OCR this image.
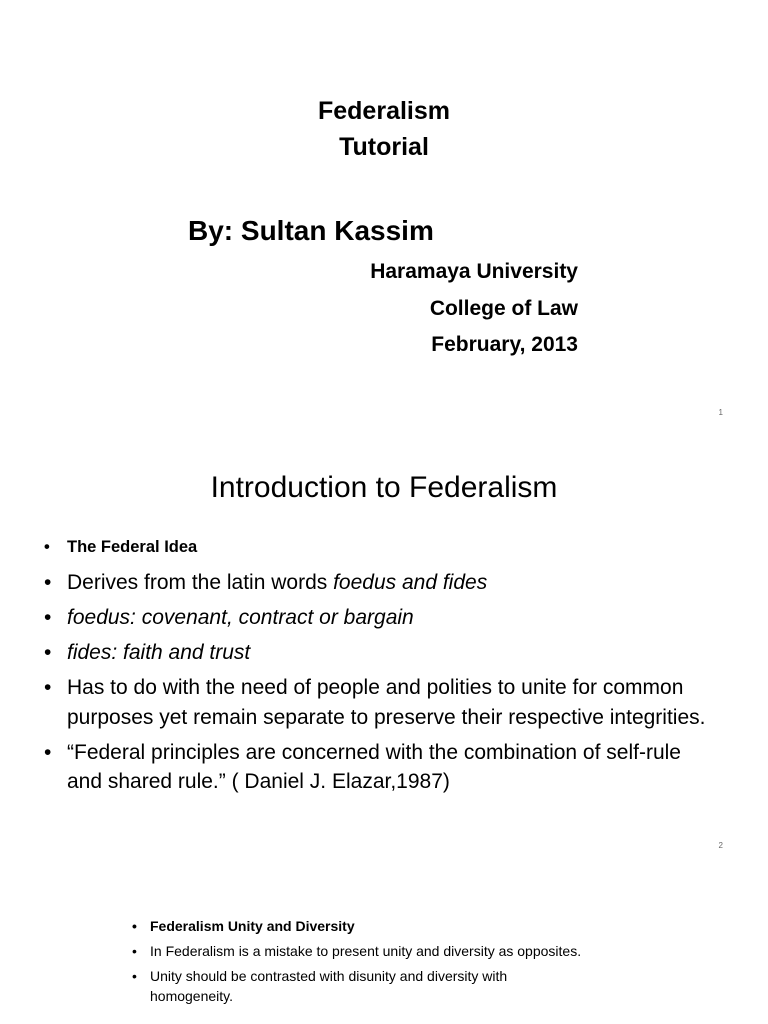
Federalism
Tutorial
By: Sultan Kassim
Haramaya University
College of Law
February, 2013
1
Introduction to Federalism
• The Federal Idea
• Derives from the latin words foedus and fides
• foedus: covenant, contract or bargain
• fides: faith and trust
• Has to do with the need of people and polities to unite for common purposes yet remain separate to preserve their respective integrities.
• “Federal principles are concerned with the combination of self-rule and shared rule.” ( Daniel J. Elazar,1987)
2
• Federalism Unity and Diversity
• In Federalism is a mistake to present unity and diversity as opposites.
• Unity should be contrasted with disunity and diversity with homogeneity.
